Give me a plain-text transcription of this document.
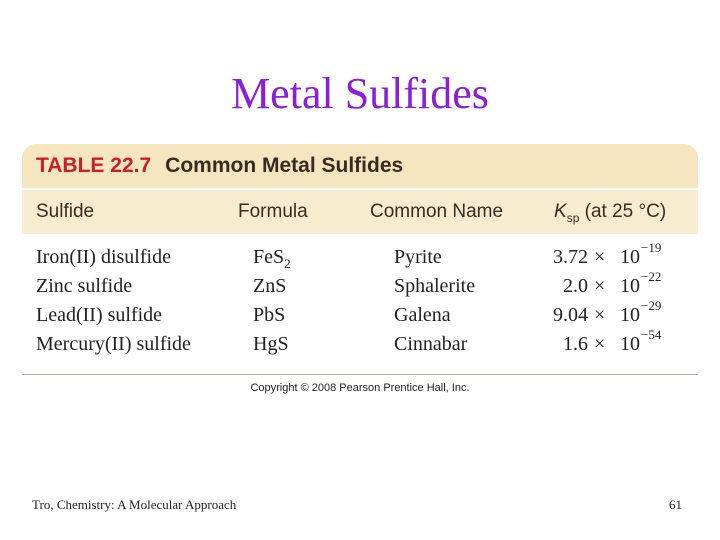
Metal Sulfides
TABLE 22.7 Common Metal Sulfides
Sulfide	Formula	Common Name	$K_{sp}$ (at 25 °C)
Iron(II) disulfide	FeS$_2$	Pyrite	3.72 × 10 −19
Zinc sulfide	ZnS	Sphalerite	2.0 × 10 −22
Lead(II) sulfide	PbS	Galena	9.04 × 10 −29
Mercury(II) sulfide	HgS	Cinnabar	1.6 × 10 −54
Copyright © 2008 Pearson Prentice Hall, Inc.
Tro, Chemistry: A Molecular Approach	61
